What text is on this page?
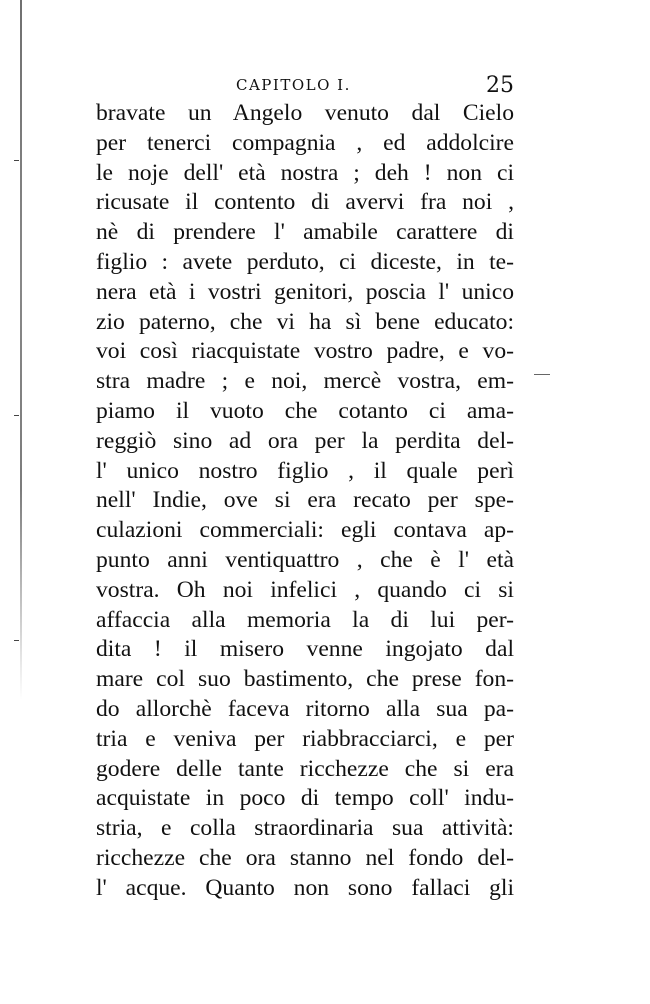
CAPITOLO I.	25
bravate un Angelo venuto dal Cielo
per tenerci compagnia , ed addolcire
le noje dell' età nostra ; deh ! non ci
ricusate il contento di avervi fra noi ,
nè di prendere l' amabile carattere di
figlio : avete perduto, ci diceste, in te-
nera età i vostri genitori, poscia l' unico
zio paterno, che vi ha sì bene educato:
voi così riacquistate vostro padre, e vo-
stra madre ; e noi, mercè vostra, em-
piamo il vuoto che cotanto ci ama-
reggiò sino ad ora per la perdita del-
l' unico nostro figlio , il quale perì
nell' Indie, ove si era recato per spe-
culazioni commerciali: egli contava ap-
punto anni ventiquattro , che è l' età
vostra. Oh noi infelici , quando ci si
affaccia alla memoria la di lui per-
dita ! il misero venne ingojato dal
mare col suo bastimento, che prese fon-
do allorchè faceva ritorno alla sua pa-
tria e veniva per riabbracciarci, e per
godere delle tante ricchezze che si era
acquistate in poco di tempo coll' indu-
stria, e colla straordinaria sua attività:
ricchezze che ora stanno nel fondo del-
l' acque. Quanto non sono fallaci gli
